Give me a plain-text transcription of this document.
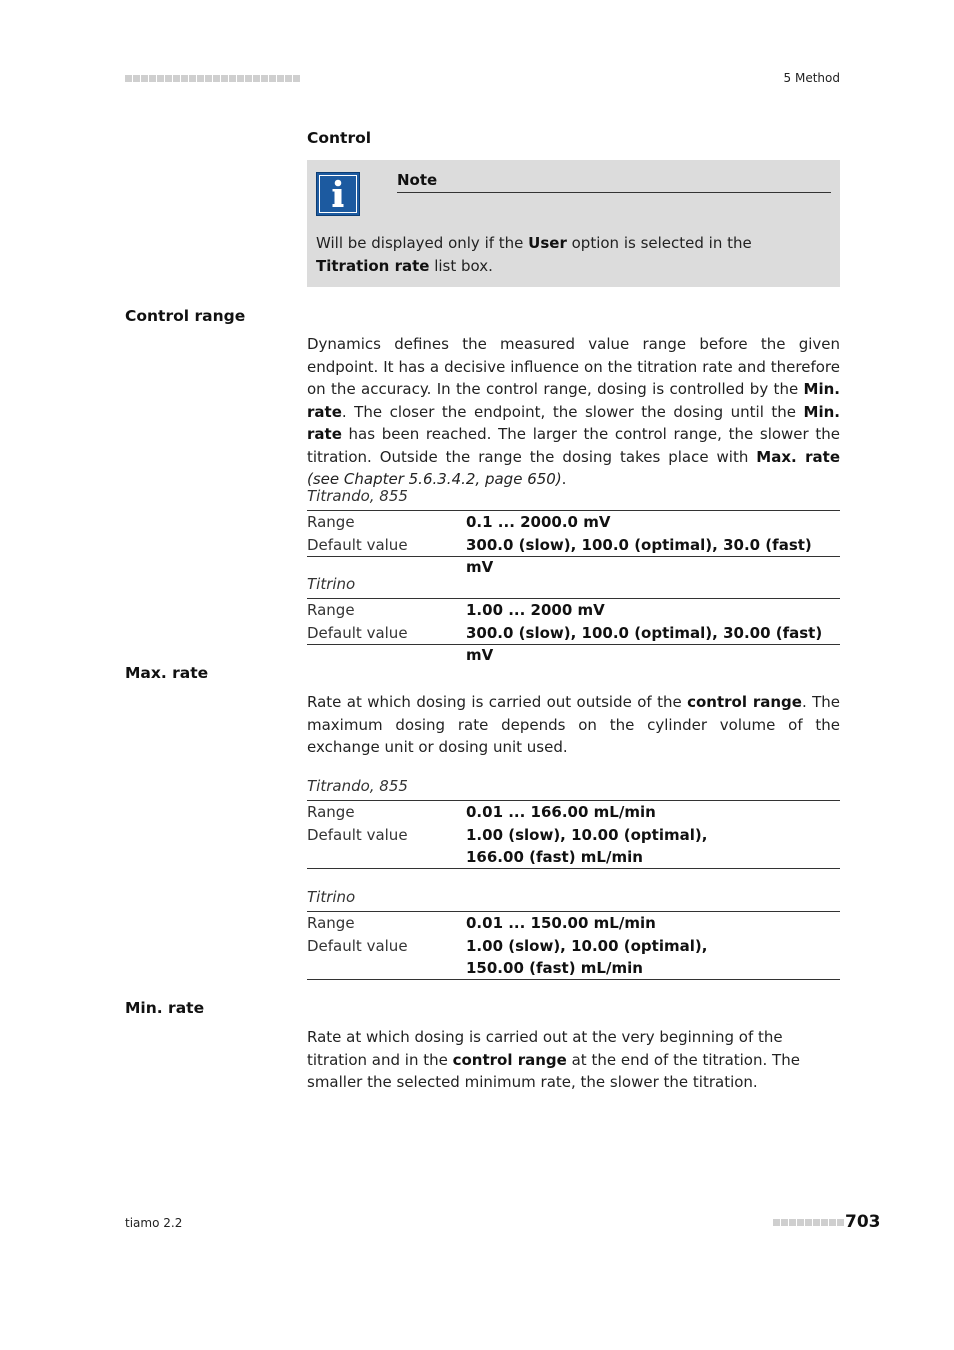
5 Method
Control
Note
Will be displayed only if the User option is selected in the Titration rate list box.
Control range
Dynamics defines the measured value range before the given endpoint. It has a decisive influence on the titration rate and therefore on the accuracy. In the control range, dosing is controlled by the Min. rate. The closer the endpoint, the slower the dosing until the Min. rate has been reached. The larger the control range, the slower the titration. Outside the range the dosing takes place with Max. rate (see Chapter 5.6.3.4.2, page 650).
Titrando, 855
Range	0.1 ... 2000.0 mV
Default value	300.0 (slow), 100.0 (optimal), 30.0 (fast) mV
Titrino
Range	1.00 ... 2000 mV
Default value	300.0 (slow), 100.0 (optimal), 30.00 (fast) mV
Max. rate
Rate at which dosing is carried out outside of the control range. The maximum dosing rate depends on the cylinder volume of the exchange unit or dosing unit used.
Titrando, 855
Range	0.01 ... 166.00 mL/min
Default value	1.00 (slow), 10.00 (optimal), 166.00 (fast) mL/min
Titrino
Range	0.01 ... 150.00 mL/min
Default value	1.00 (slow), 10.00 (optimal), 150.00 (fast) mL/min
Min. rate
Rate at which dosing is carried out at the very beginning of the titration and in the control range at the end of the titration. The smaller the selected minimum rate, the slower the titration.
tiamo 2.2	703
